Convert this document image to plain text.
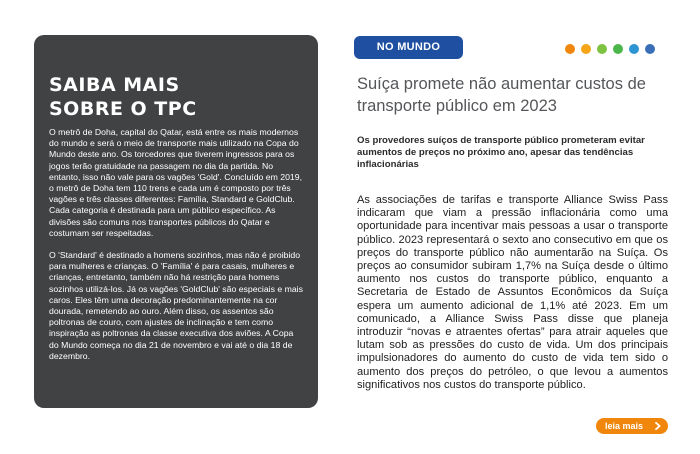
SAIBA MAIS
SOBRE O TPC

O metrô de Doha, capital do Qatar, está entre os mais modernos do mundo e será o meio de transporte mais utilizado na Copa do Mundo deste ano. Os torcedores que tiverem ingressos para os jogos terão gratuidade na passagem no dia da partida. No entanto, isso não vale para os vagões 'Gold'. Concluído em 2019, o metrô de Doha tem 110 trens e cada um é composto por três vagões e três classes diferentes: Família, Standard e GoldClub. Cada categoria é destinada para um público específico. As divisões são comuns nos transportes públicos do Qatar e costumam ser respeitadas.

O 'Standard' é destinado a homens sozinhos, mas não é proibido para mulheres e crianças. O 'Família' é para casais, mulheres e crianças, entretanto, também não há restrição para homens sozinhos utilizá-los. Já os vagões 'GoldClub' são especiais e mais caros. Eles têm uma decoração predominantemente na cor dourada, remetendo ao ouro. Além disso, os assentos são poltronas de couro, com ajustes de inclinação e tem como inspiração as poltronas da classe executiva dos aviões. A Copa do Mundo começa no dia 21 de novembro e vai até o dia 18 de dezembro.

NO MUNDO
Suíça promete não aumentar custos de transporte público em 2023

Os provedores suíços de transporte público prometeram evitar aumentos de preços no próximo ano, apesar das tendências inflacionárias

As associações de tarifas e transporte Alliance Swiss Pass indicaram que viam a pressão inflacionária como uma oportunidade para incentivar mais pessoas a usar o transporte público. 2023 representará o sexto ano consecutivo em que os preços do transporte público não aumentarão na Suíça. Os preços ao consumidor subiram 1,7% na Suíça desde o último aumento nos custos do transporte público, enquanto a Secretaria de Estado de Assuntos Econômicos da Suíça espera um aumento adicional de 1,1% até 2023. Em um comunicado, a Alliance Swiss Pass disse que planeja introduzir “novas e atraentes ofertas” para atrair aqueles que lutam sob as pressões do custo de vida. Um dos principais impulsionadores do aumento do custo de vida tem sido o aumento dos preços do petróleo, o que levou a aumentos significativos nos custos do transporte público.

leia mais
